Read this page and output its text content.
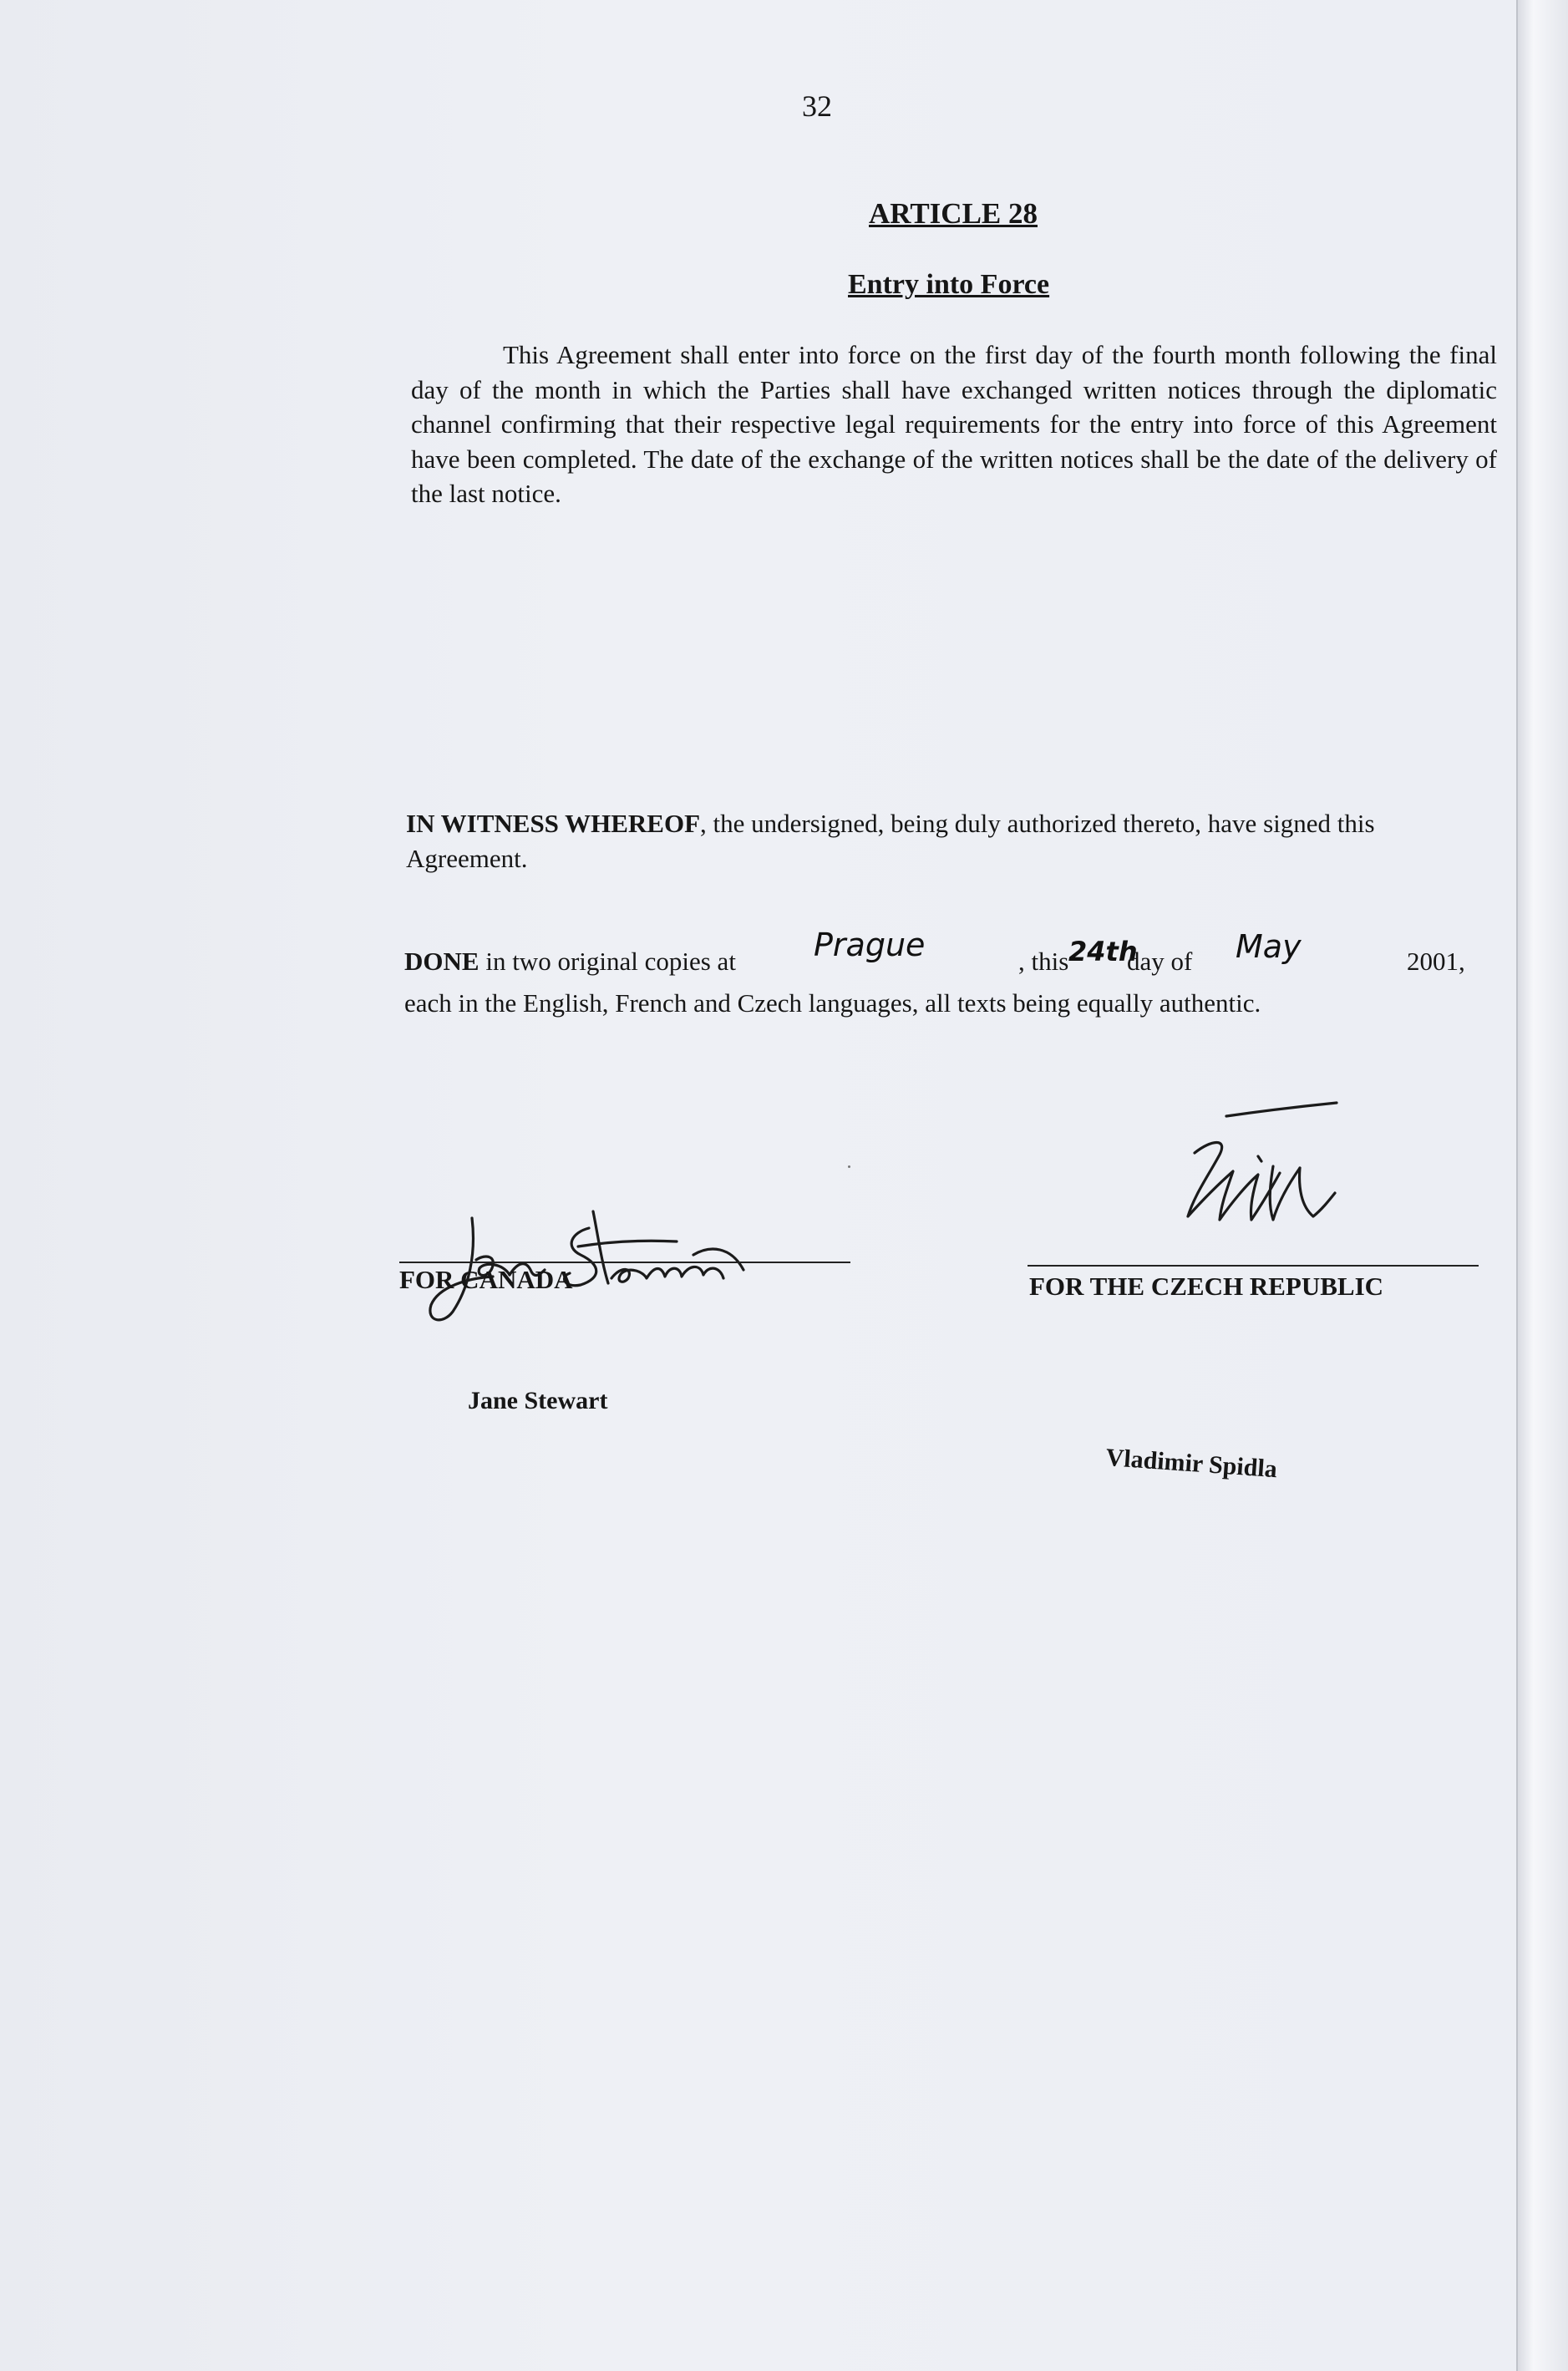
32
ARTICLE 28
Entry into Force
This Agreement shall enter into force on the first day of the fourth month following the final day of the month in which the Parties shall have exchanged written notices through the diplomatic channel confirming that their respective legal requirements for the entry into force of this Agreement have been completed. The date of the exchange of the written notices shall be the date of the delivery of the last notice.
IN WITNESS WHEREOF, the undersigned, being duly authorized thereto, have signed this Agreement.
DONE in two original copies at Prague	, this 24th
day of May	2001,
each in the English, French and Czech languages, all texts being equally authentic.
FOR CANADA
Jane Stewart
FOR THE CZECH REPUBLIC
Vladimir Spidla
